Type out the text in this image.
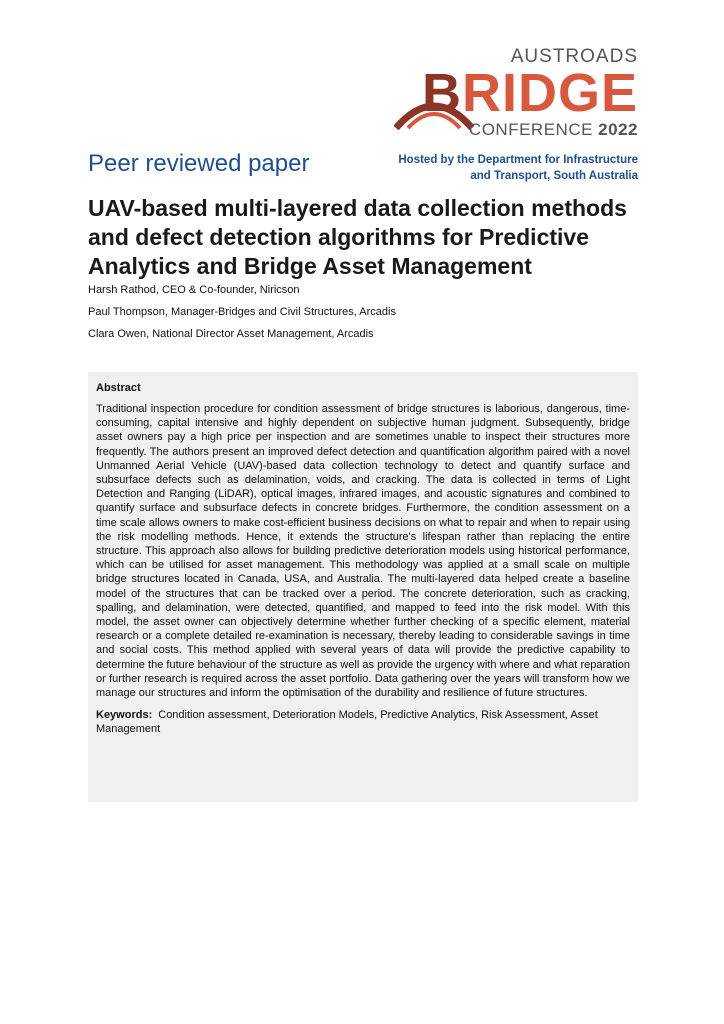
AUSTROADS
BRIDGE
CONFERENCE 2022
Peer reviewed paper	Hosted by the Department for Infrastructure
and Transport, South Australia
UAV-based multi-layered data collection methods and defect detection algorithms for Predictive Analytics and Bridge Asset Management

Harsh Rathod, CEO & Co-founder, Niricson

Paul Thompson, Manager-Bridges and Civil Structures, Arcadis

Clara Owen, National Director Asset Management, Arcadis

Abstract

Traditional inspection procedure for condition assessment of bridge structures is laborious, dangerous, time-consuming, capital intensive and highly dependent on subjective human judgment. Subsequently, bridge asset owners pay a high price per inspection and are sometimes unable to inspect their structures more frequently. The authors present an improved defect detection and quantification algorithm paired with a novel Unmanned Aerial Vehicle (UAV)-based data collection technology to detect and quantify surface and subsurface defects such as delamination, voids, and cracking. The data is collected in terms of Light Detection and Ranging (LiDAR), optical images, infrared images, and acoustic signatures and combined to quantify surface and subsurface defects in concrete bridges. Furthermore, the condition assessment on a time scale allows owners to make cost-efficient business decisions on what to repair and when to repair using the risk modelling methods. Hence, it extends the structure's lifespan rather than replacing the entire structure. This approach also allows for building predictive deterioration models using historical performance, which can be utilised for asset management. This methodology was applied at a small scale on multiple bridge structures located in Canada, USA, and Australia. The multi-layered data helped create a baseline model of the structures that can be tracked over a period. The concrete deterioration, such as cracking, spalling, and delamination, were detected, quantified, and mapped to feed into the risk model. With this model, the asset owner can objectively determine whether further checking of a specific element, material research or a complete detailed re-examination is necessary, thereby leading to considerable savings in time and social costs. This method applied with several years of data will provide the predictive capability to determine the future behaviour of the structure as well as provide the urgency with where and what reparation or further research is required across the asset portfolio. Data gathering over the years will transform how we manage our structures and inform the optimisation of the durability and resilience of future structures.

Keywords: Condition assessment, Deterioration Models, Predictive Analytics, Risk Assessment, Asset Management
